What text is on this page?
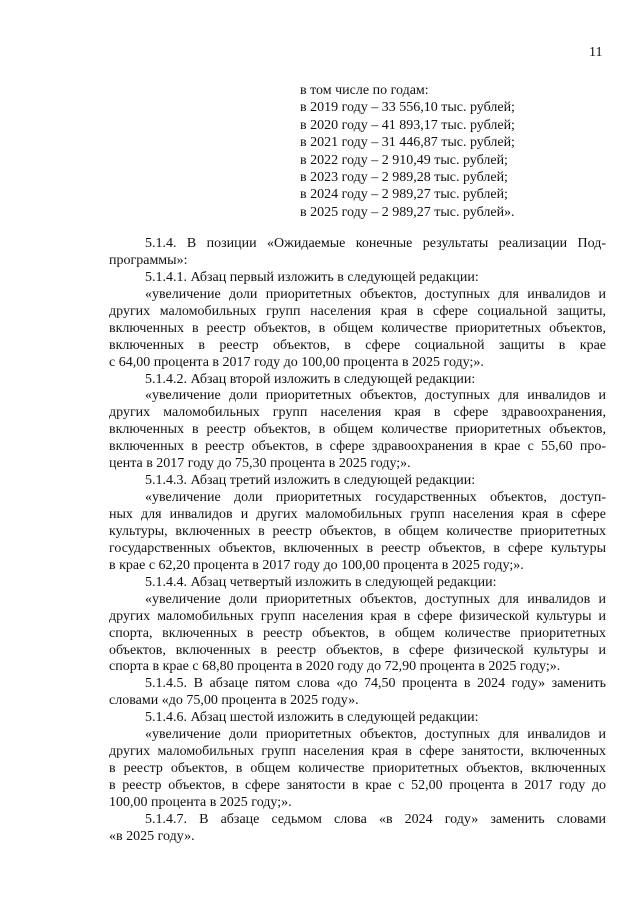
11
в том числе по годам:
в 2019 году – 33 556,10 тыс. рублей;
в 2020 году – 41 893,17 тыс. рублей;
в 2021 году – 31 446,87 тыс. рублей;
в 2022 году – 2 910,49 тыс. рублей;
в 2023 году – 2 989,28 тыс. рублей;
в 2024 году – 2 989,27 тыс. рублей;
в 2025 году – 2 989,27 тыс. рублей».

5.1.4. В позиции «Ожидаемые конечные результаты реализации Под-

программы»:

5.1.4.1. Абзац первый изложить в следующей редакции:

«увеличение доли приоритетных объектов, доступных для инвалидов и

других маломобильных групп населения края в сфере социальной защиты,

включенных в реестр объектов, в общем количестве приоритетных объектов,

включенных в реестр объектов, в сфере социальной защиты в крае

с 64,00 процента в 2017 году до 100,00 процента в 2025 году;».

5.1.4.2. Абзац второй изложить в следующей редакции:

«увеличение доли приоритетных объектов, доступных для инвалидов и

других маломобильных групп населения края в сфере здравоохранения,

включенных в реестр объектов, в общем количестве приоритетных объектов,

включенных в реестр объектов, в сфере здравоохранения в крае с 55,60 про-

цента в 2017 году до 75,30 процента в 2025 году;».

5.1.4.3. Абзац третий изложить в следующей редакции:

«увеличение доли приоритетных государственных объектов, доступ-

ных для инвалидов и других маломобильных групп населения края в сфере

культуры, включенных в реестр объектов, в общем количестве приоритетных

государственных объектов, включенных в реестр объектов, в сфере культуры

в крае с 62,20 процента в 2017 году до 100,00 процента в 2025 году;».

5.1.4.4. Абзац четвертый изложить в следующей редакции:

«увеличение доли приоритетных объектов, доступных для инвалидов и

других маломобильных групп населения края в сфере физической культуры и

спорта, включенных в реестр объектов, в общем количестве приоритетных

объектов, включенных в реестр объектов, в сфере физической культуры и

спорта в крае с 68,80 процента в 2020 году до 72,90 процента в 2025 году;».

5.1.4.5. В абзаце пятом слова «до 74,50 процента в 2024 году» заменить

словами «до 75,00 процента в 2025 году».

5.1.4.6. Абзац шестой изложить в следующей редакции:

«увеличение доли приоритетных объектов, доступных для инвалидов и

других маломобильных групп населения края в сфере занятости, включенных

в реестр объектов, в общем количестве приоритетных объектов, включенных

в реестр объектов, в сфере занятости в крае с 52,00 процента в 2017 году до

100,00 процента в 2025 году;».

5.1.4.7. В абзаце седьмом слова «в 2024 году» заменить словами

«в 2025 году».
